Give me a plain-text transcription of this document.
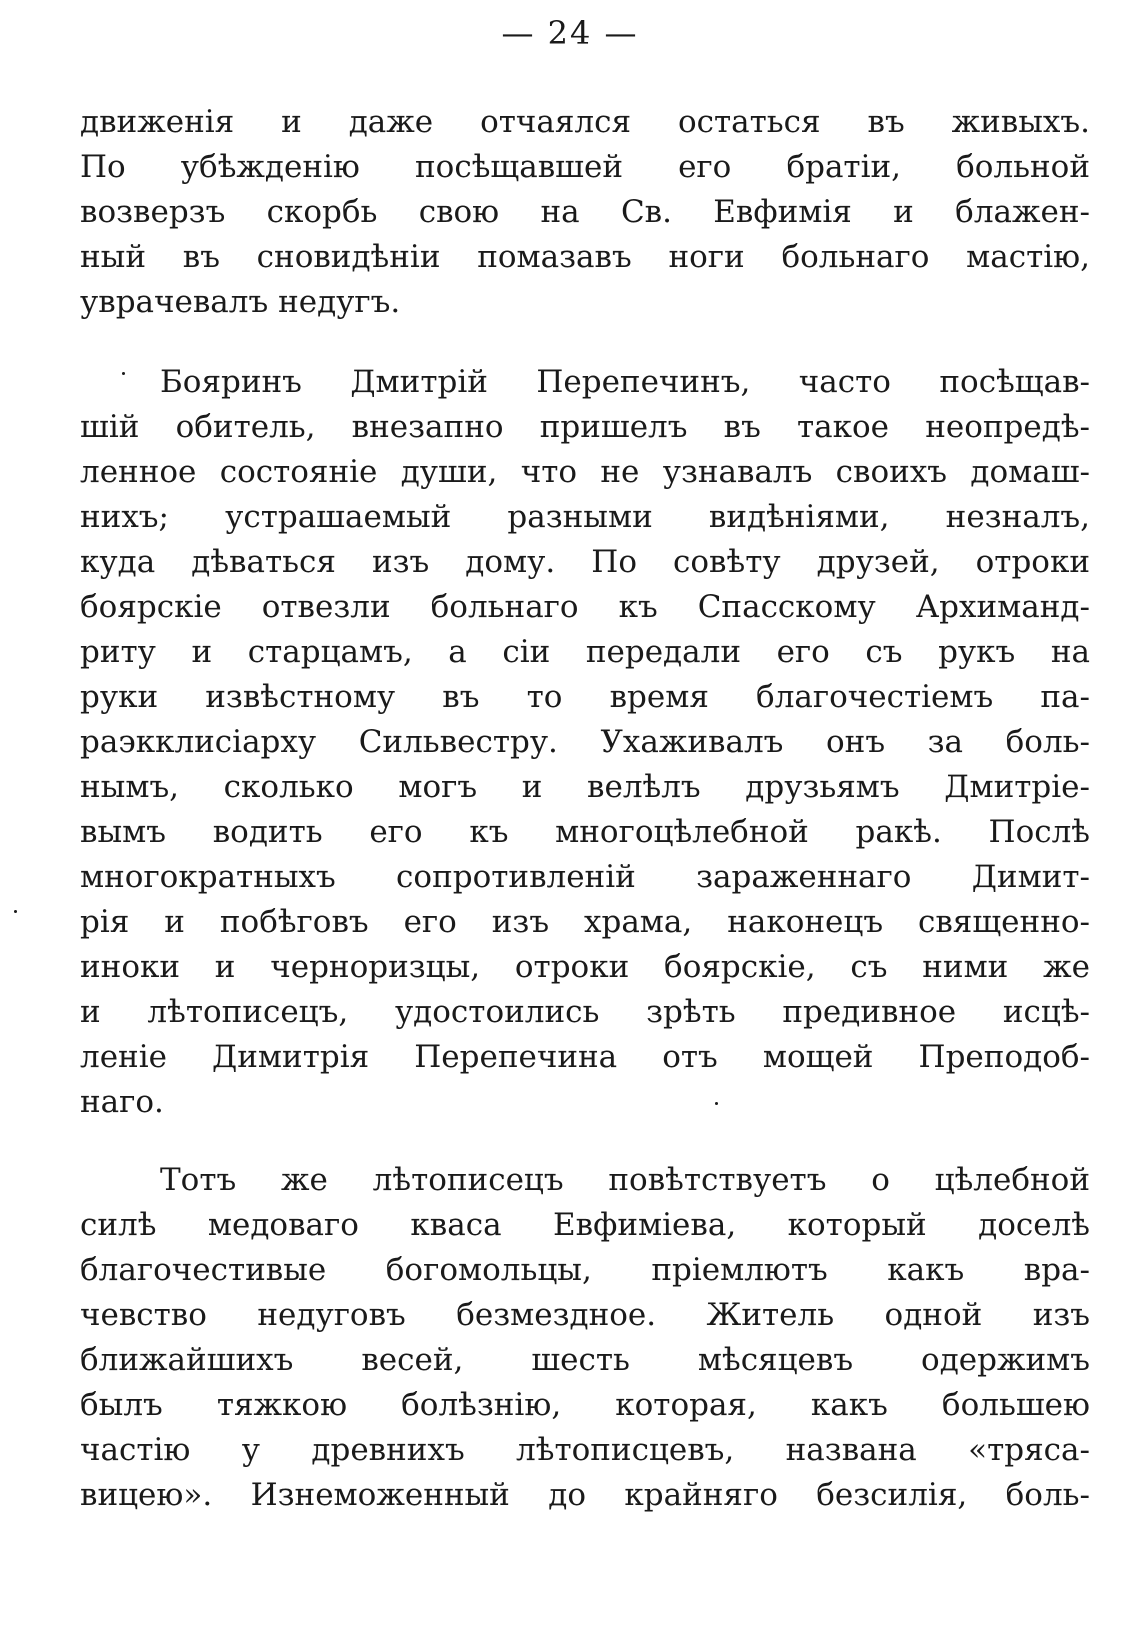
— 24 —
движенія и даже отчаялся остаться въ живыхъ.
По убѣжденію посѣщавшей его братіи, больной
возверзъ скорбь свою на Св. Евфимія и блажен-
ный въ сновидѣніи помазавъ ноги больнаго мастію,
уврачевалъ недугъ.
Бояринъ Дмитрій Перепечинъ, часто посѣщав-
шій обитель, внезапно пришелъ въ такое неопредѣ-
ленное состояніе души, что не узнавалъ своихъ домаш-
нихъ; устрашаемый разными видѣніями, незналъ,
куда дѣваться изъ дому. По совѣту друзей, отроки
боярскіе отвезли больнаго къ Спасскому Архиманд-
риту и старцамъ, а сіи передали его съ рукъ на
руки извѣстному въ то время благочестіемъ па-
раэкклисіарху Сильвестру. Ухаживалъ онъ за боль-
нымъ, сколько могъ и велѣлъ друзьямъ Дмитріе-
вымъ водить его къ многоцѣлебной ракѣ. Послѣ
многократныхъ сопротивленій зараженнаго Димит-
рія и побѣговъ его изъ храма, наконецъ священно-
иноки и черноризцы, отроки боярскіе, съ ними же
и лѣтописецъ, удостоились зрѣть предивное исцѣ-
леніе Димитрія Перепечина отъ мощей Преподоб-
наго.
Тотъ же лѣтописецъ повѣтствуетъ о цѣлебной
силѣ медоваго кваса Евфиміева, который доселѣ
благочестивые богомольцы, пріемлютъ какъ вра-
чевство недуговъ безмездное. Житель одной изъ
ближайшихъ весей, шесть мѣсяцевъ одержимъ
былъ тяжкою болѣзнію, которая, какъ большею
частію у древнихъ лѣтописцевъ, названа «трясa-
вицею». Изнеможенный до крайняго безсилія, боль-
